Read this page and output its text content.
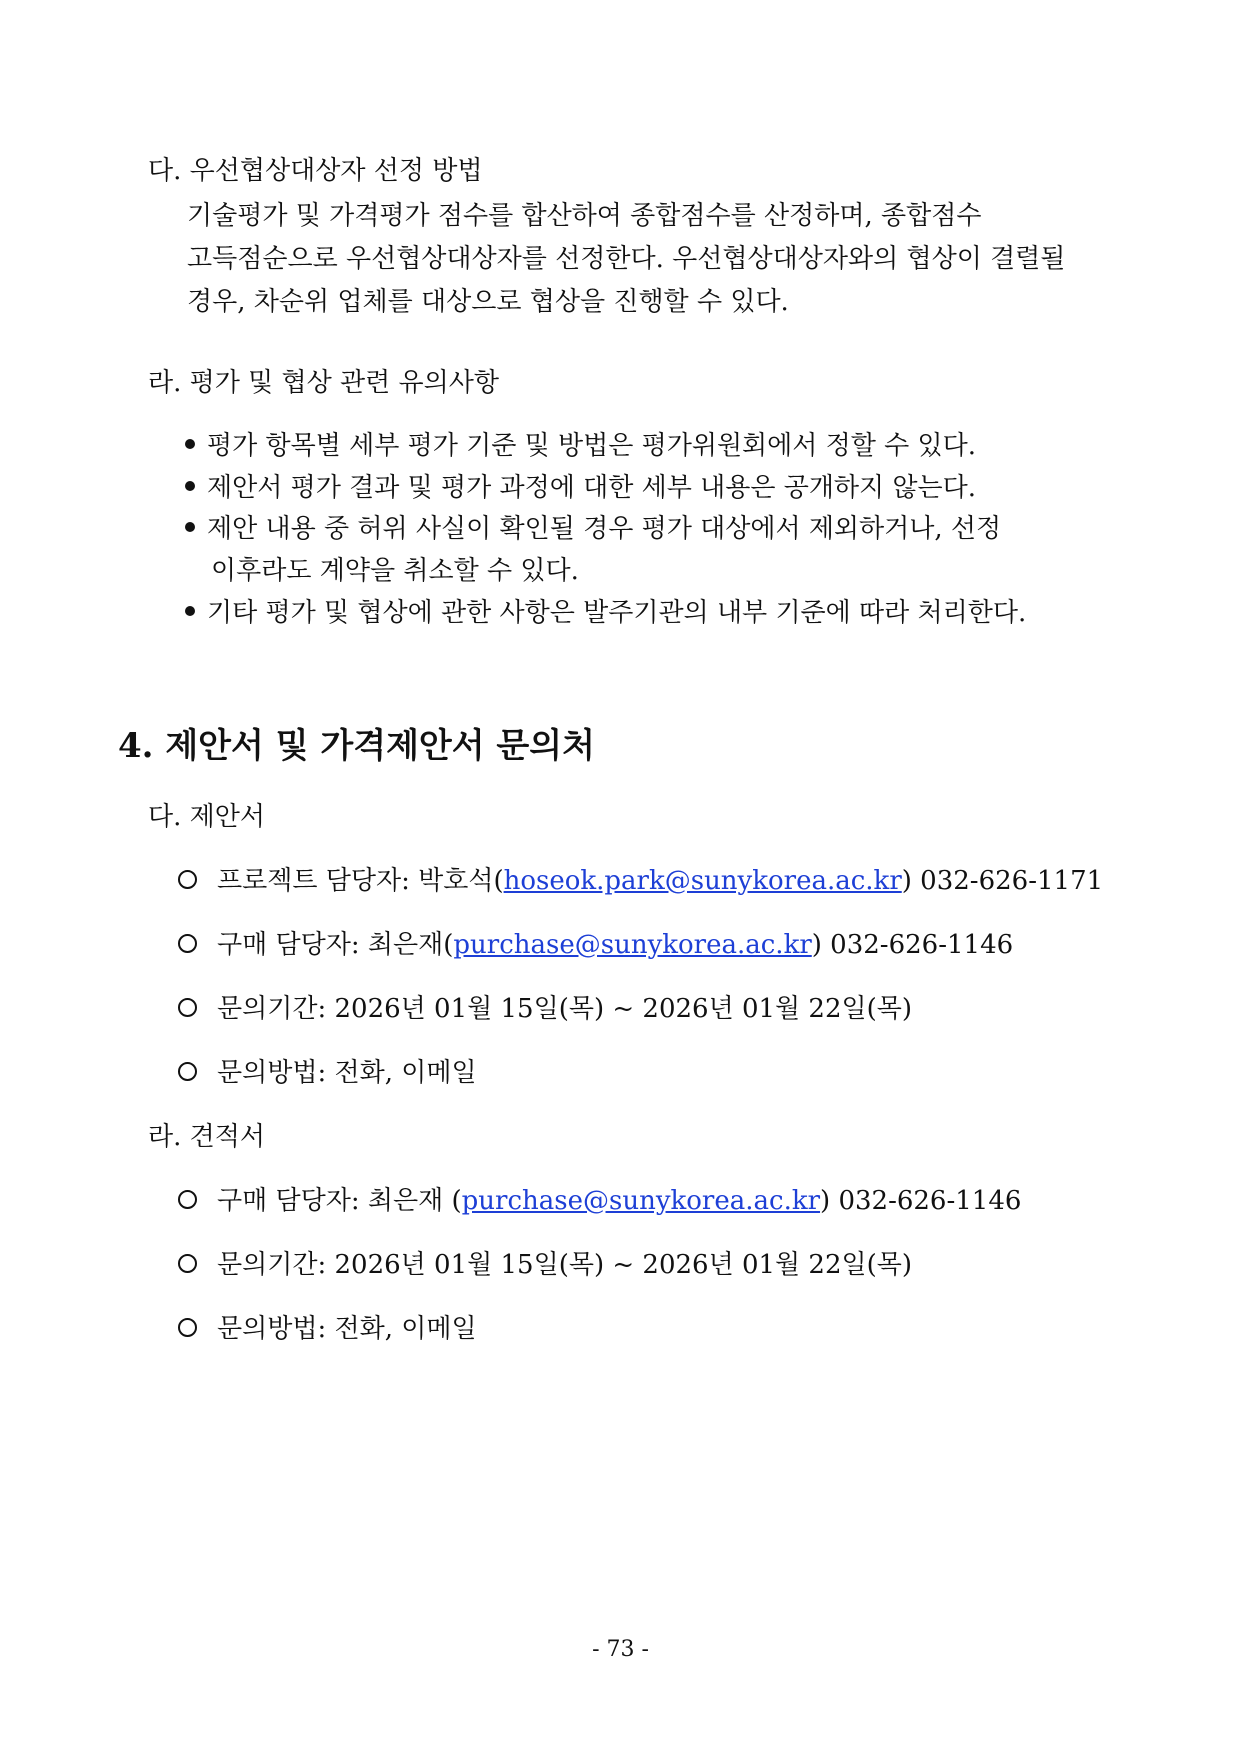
다. 우선협상대상자 선정 방법
기술평가 및 가격평가 점수를 합산하여 종합점수를 산정하며, 종합점수
고득점순으로 우선협상대상자를 선정한다. 우선협상대상자와의 협상이 결렬될
경우, 차순위 업체를 대상으로 협상을 진행할 수 있다.
라. 평가 및 협상 관련 유의사항
평가 항목별 세부 평가 기준 및 방법은 평가위원회에서 정할 수 있다.
제안서 평가 결과 및 평가 과정에 대한 세부 내용은 공개하지 않는다.
제안 내용 중 허위 사실이 확인될 경우 평가 대상에서 제외하거나, 선정
이후라도 계약을 취소할 수 있다.
기타 평가 및 협상에 관한 사항은 발주기관의 내부 기준에 따라 처리한다.
4. 제안서 및 가격제안서 문의처
다. 제안서
프로젝트 담당자: 박호석(hoseok.park@sunykorea.ac.kr) 032-626-1171
구매 담당자: 최은재(purchase@sunykorea.ac.kr) 032-626-1146
문의기간: 2026년 01월 15일(목) ~ 2026년 01월 22일(목)
문의방법: 전화, 이메일
라. 견적서
구매 담당자: 최은재 (purchase@sunykorea.ac.kr) 032-626-1146
문의기간: 2026년 01월 15일(목) ~ 2026년 01월 22일(목)
문의방법: 전화, 이메일
- 73 -
